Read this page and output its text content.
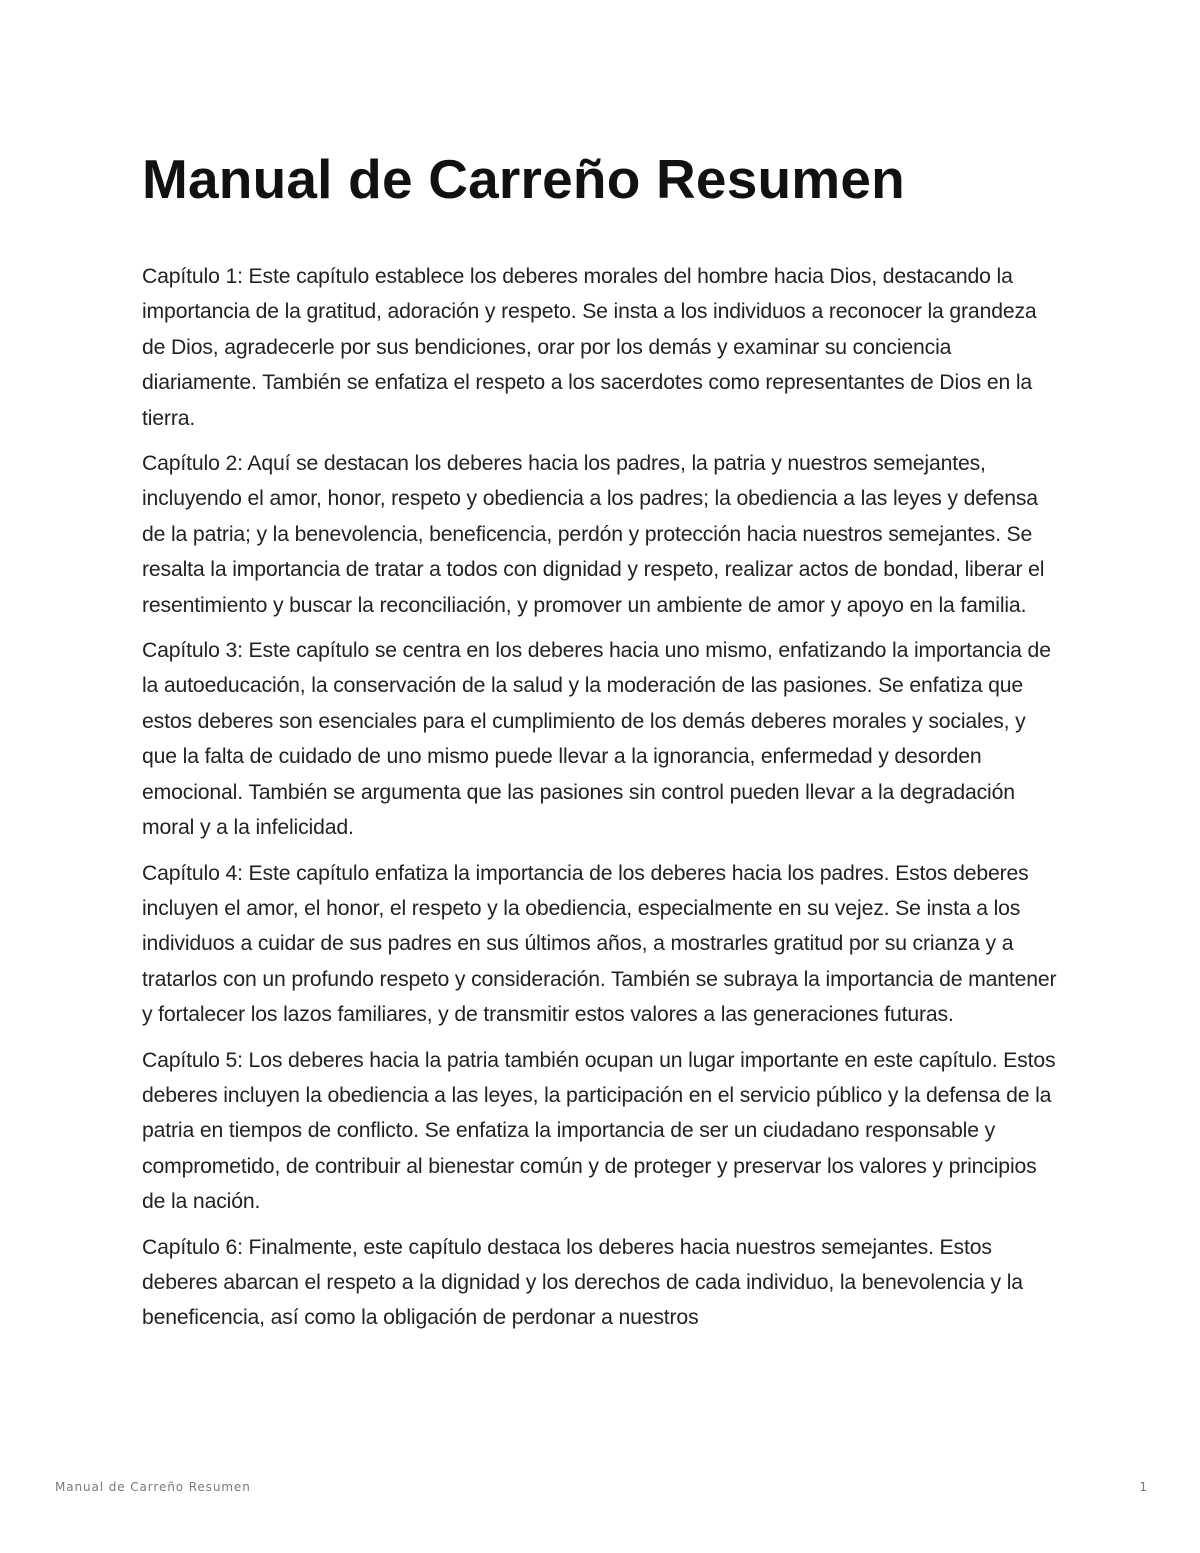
Manual de Carreño Resumen

Capítulo 1: Este capítulo establece los deberes morales del hombre hacia Dios, destacando la importancia de la gratitud, adoración y respeto. Se insta a los individuos a reconocer la grandeza de Dios, agradecerle por sus bendiciones, orar por los demás y examinar su conciencia diariamente. También se enfatiza el respeto a los sacerdotes como representantes de Dios en la tierra.

Capítulo 2: Aquí se destacan los deberes hacia los padres, la patria y nuestros semejantes, incluyendo el amor, honor, respeto y obediencia a los padres; la obediencia a las leyes y defensa de la patria; y la benevolencia, beneficencia, perdón y protección hacia nuestros semejantes. Se resalta la importancia de tratar a todos con dignidad y respeto, realizar actos de bondad, liberar el resentimiento y buscar la reconciliación, y promover un ambiente de amor y apoyo en la familia.

Capítulo 3: Este capítulo se centra en los deberes hacia uno mismo, enfatizando la importancia de la autoeducación, la conservación de la salud y la moderación de las pasiones. Se enfatiza que estos deberes son esenciales para el cumplimiento de los demás deberes morales y sociales, y que la falta de cuidado de uno mismo puede llevar a la ignorancia, enfermedad y desorden emocional. También se argumenta que las pasiones sin control pueden llevar a la degradación moral y a la infelicidad.

Capítulo 4: Este capítulo enfatiza la importancia de los deberes hacia los padres. Estos deberes incluyen el amor, el honor, el respeto y la obediencia, especialmente en su vejez. Se insta a los individuos a cuidar de sus padres en sus últimos años, a mostrarles gratitud por su crianza y a tratarlos con un profundo respeto y consideración. También se subraya la importancia de mantener y fortalecer los lazos familiares, y de transmitir estos valores a las generaciones futuras.

Capítulo 5: Los deberes hacia la patria también ocupan un lugar importante en este capítulo. Estos deberes incluyen la obediencia a las leyes, la participación en el servicio público y la defensa de la patria en tiempos de conflicto. Se enfatiza la importancia de ser un ciudadano responsable y comprometido, de contribuir al bienestar común y de proteger y preservar los valores y principios de la nación.

Capítulo 6: Finalmente, este capítulo destaca los deberes hacia nuestros semejantes. Estos deberes abarcan el respeto a la dignidad y los derechos de cada individuo, la benevolencia y la beneficencia, así como la obligación de perdonar a nuestros

Manual de Carreño Resumen	1
